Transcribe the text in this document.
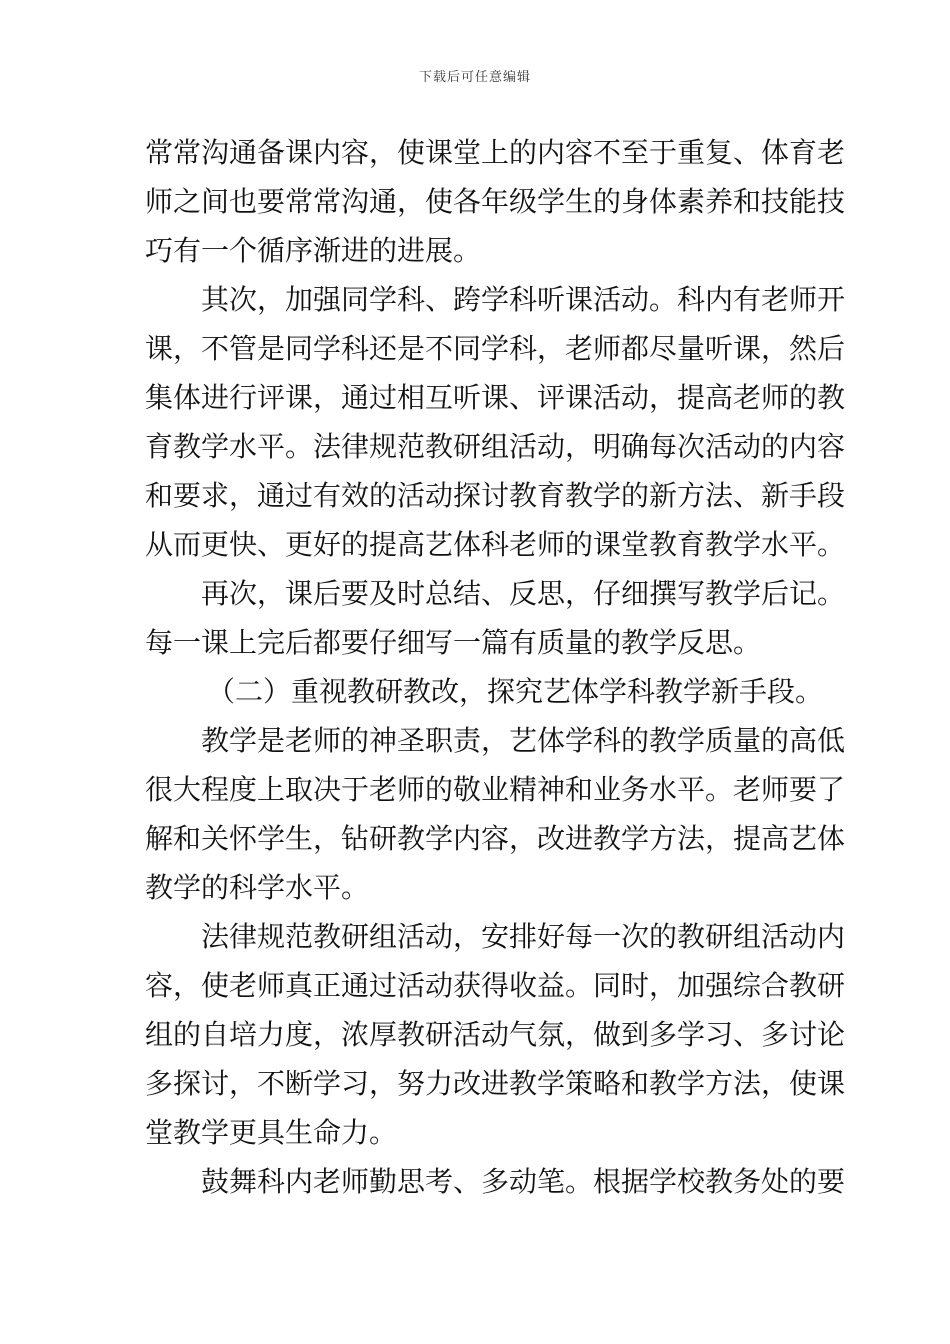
下载后可任意编辑
常常沟通备课内容，使课堂上的内容不至于重复、体育老
师之间也要常常沟通，使各年级学生的身体素养和技能技
巧有一个循序渐进的进展。
其次，加强同学科、跨学科听课活动。科内有老师开
课，不管是同学科还是不同学科，老师都尽量听课，然后
集体进行评课，通过相互听课、评课活动，提高老师的教
育教学水平。法律规范教研组活动，明确每次活动的内容
和要求，通过有效的活动探讨教育教学的新方法、新手段
从而更快、更好的提高艺体科老师的课堂教育教学水平。
再次，课后要及时总结、反思，仔细撰写教学后记。
每一课上完后都要仔细写一篇有质量的教学反思。
（二）重视教研教改，探究艺体学科教学新手段。
教学是老师的神圣职责，艺体学科的教学质量的高低
很大程度上取决于老师的敬业精神和业务水平。老师要了
解和关怀学生，钻研教学内容，改进教学方法，提高艺体
教学的科学水平。
法律规范教研组活动，安排好每一次的教研组活动内
容，使老师真正通过活动获得收益。同时，加强综合教研
组的自培力度，浓厚教研活动气氛，做到多学习、多讨论
多探讨，不断学习，努力改进教学策略和教学方法，使课
堂教学更具生命力。
鼓舞科内老师勤思考、多动笔。根据学校教务处的要
